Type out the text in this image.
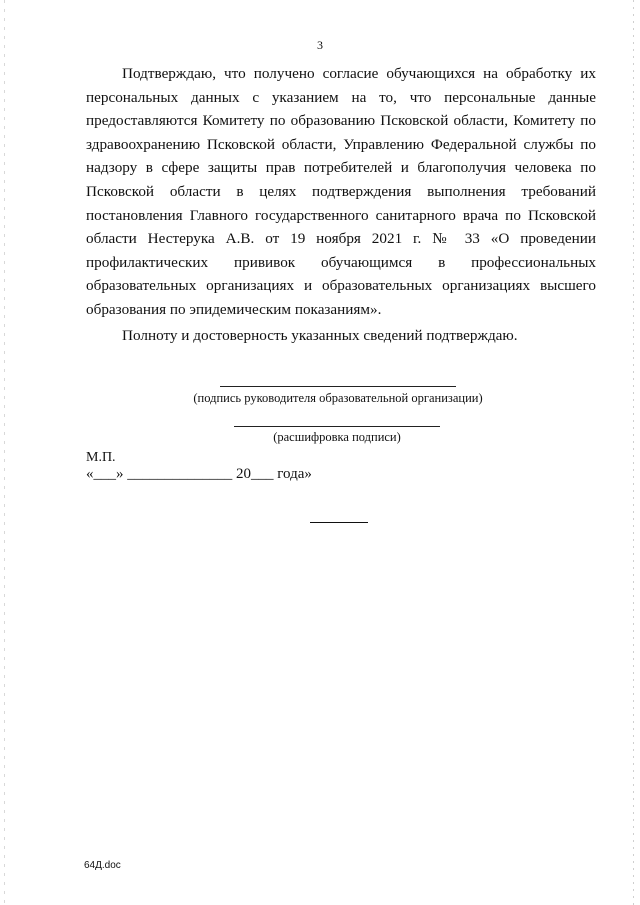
3

Подтверждаю, что получено согласие обучающихся на обработку их персональных данных с указанием на то, что персональные данные предоставляются Комитету по образованию Псковской области, Комитету по здравоохранению Псковской области, Управлению Федеральной службы по надзору в сфере защиты прав потребителей и благополучия человека по Псковской области в целях подтверждения выполнения требований постановления Главного государственного санитарного врача по Псковской области Нестерука А.В. от 19 ноября 2021 г. № 33 «О проведении профилактических прививок обучающимся в профессиональных образовательных организациях и образовательных организациях высшего образования по эпидемическим показаниям».

Полноту и достоверность указанных сведений подтверждаю.

(подпись руководителя образовательной организации)
(расшифровка подписи)
М.П.
«___» ______________ 20___ года»
64Д.doc
